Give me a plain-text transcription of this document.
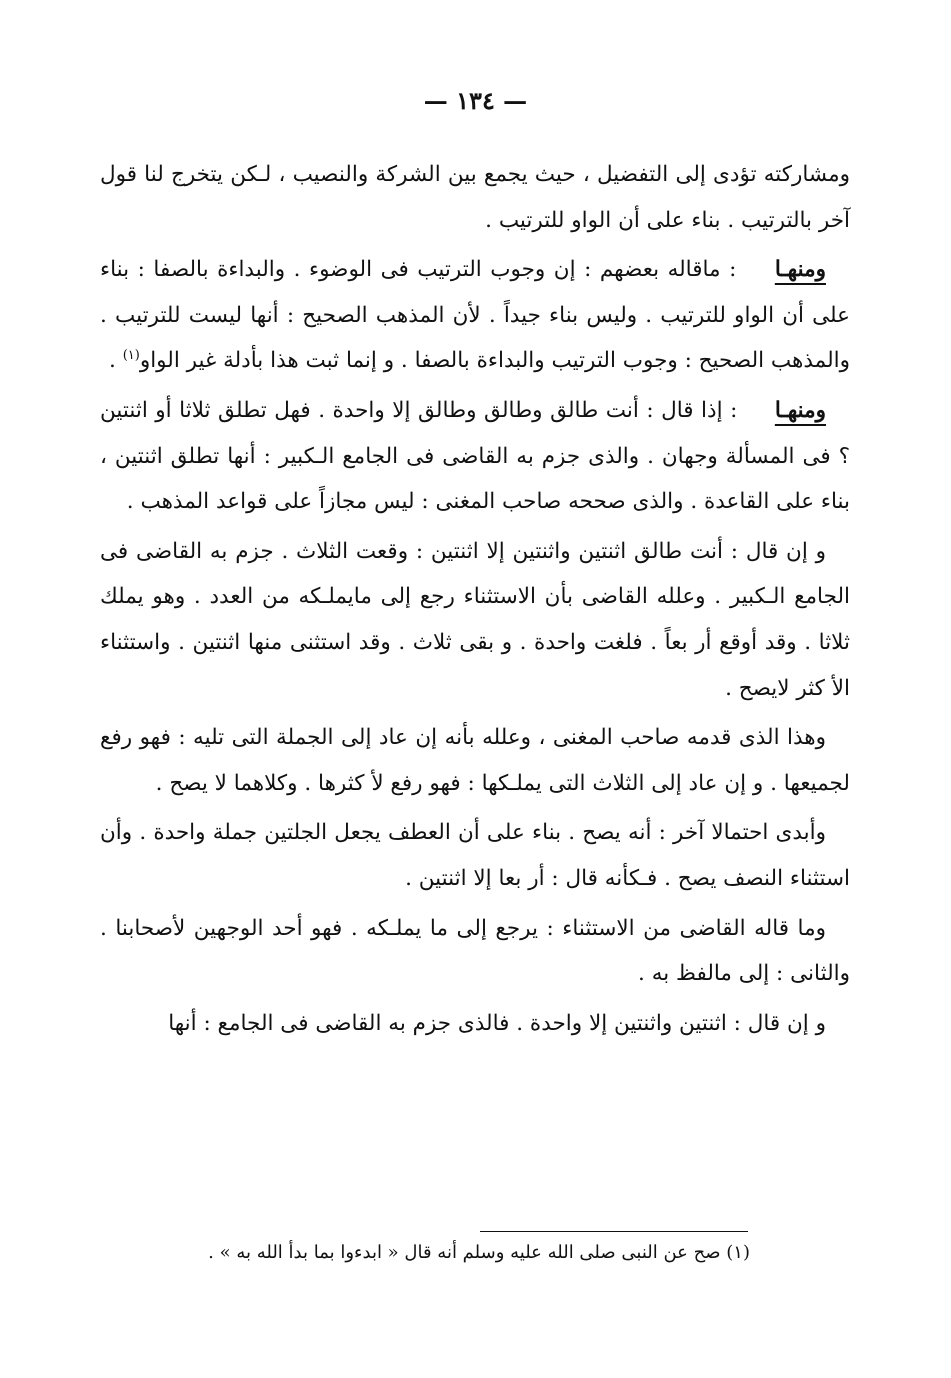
— ١٣٤ —

ومشاركته تؤدى إلى التفضيل ، حيث يجمع بين الشركة والنصيب ، لـكن يتخرج لنا قول آخر بالترتيب . بناء على أن الواو للترتيب .

ومنهـا : ماقاله بعضهم : إن وجوب الترتيب فى الوضوء . والبداءة بالصفا : بناء على أن الواو للترتيب . وليس بناء جيداً . لأن المذهب الصحيح : أنها ليست للترتيب . والمذهب الصحيح : وجوب الترتيب والبداءة بالصفا . و إنما ثبت هذا بأدلة غير الواو$^{(١)}$ .

ومنهـا : إذا قال : أنت طالق وطالق وطالق إلا واحدة . فهل تطلق ثلاثا أو اثنتين ؟ فى المسألة وجهان . والذى جزم به القاضى فى الجامع الـكبير : أنها تطلق اثنتين ، بناء على القاعدة . والذى صححه صاحب المغنى : ليس مجازاً على قواعد المذهب .

و إن قال : أنت طالق اثنتين واثنتين إلا اثنتين : وقعت الثلاث . جزم به القاضى فى الجامع الـكبير . وعلله القاضى بأن الاستثناء رجع إلى مايملـكه من العدد . وهو يملك ثلاثا . وقد أوقع أر بعاً . فلغت واحدة . و بقى ثلاث . وقد استثنى منها اثنتين . واستثناء الأ كثر لايصح .

وهذا الذى قدمه صاحب المغنى ، وعلله بأنه إن عاد إلى الجملة التى تليه : فهو رفع لجميعها . و إن عاد إلى الثلاث التى يملـكها : فهو رفع لأ كثرها . وكلاهما لا يصح .

وأبدى احتمالا آخر : أنه يصح . بناء على أن العطف يجعل الجلتين جملة واحدة . وأن استثناء النصف يصح . فـكأنه قال : أر بعا إلا اثنتين .

وما قاله القاضى من الاستثناء : يرجع إلى ما يملـكه . فهو أحد الوجهين لأصحابنا . والثانى : إلى مالفظ به .

و إن قال : اثنتين واثنتين إلا واحدة . فالذى جزم به القاضى فى الجامع : أنها

(١) صح عن النبى صلى الله عليه وسلم أنه قال « ابدءوا بما بدأ الله به » .
